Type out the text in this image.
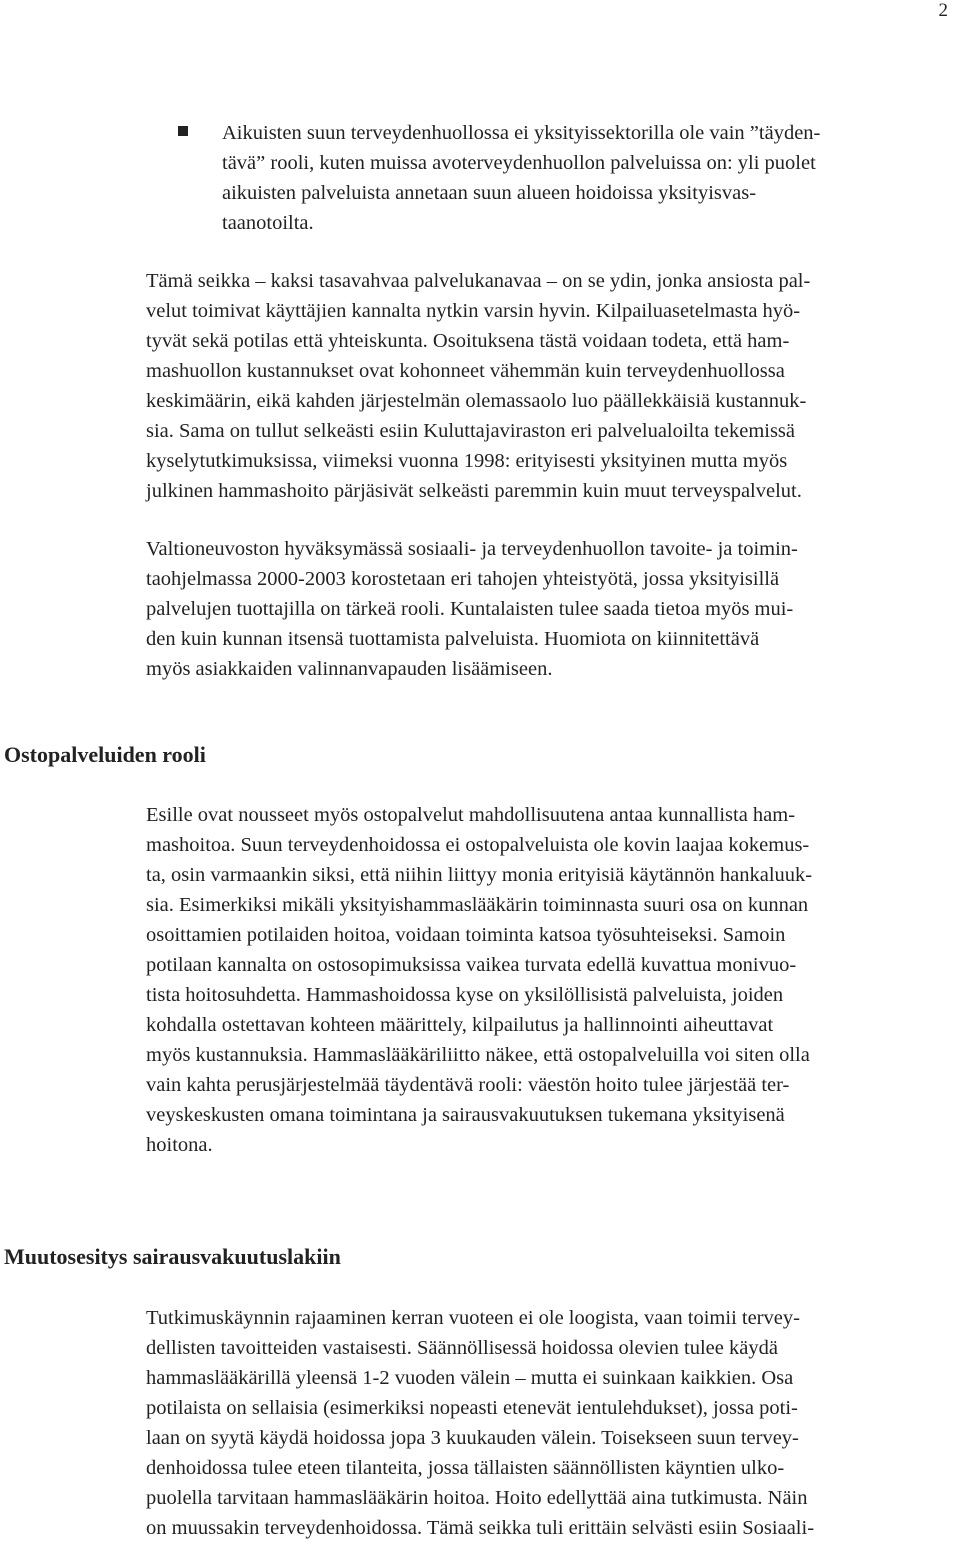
2

Aikuisten suun terveydenhuollossa ei yksityissektorilla ole vain ”täyden-
tävä” rooli, kuten muissa avoterveydenhuollon palveluissa on: yli puolet
aikuisten palveluista annetaan suun alueen hoidoissa yksityisvas-
taanotoilta.

Tämä seikka – kaksi tasavahvaa palvelukanavaa – on se ydin, jonka ansiosta pal-
velut toimivat käyttäjien kannalta nytkin varsin hyvin. Kilpailuasetelmasta hyö-
tyvät sekä potilas että yhteiskunta. Osoituksena tästä voidaan todeta, että ham-
mashuollon kustannukset ovat kohonneet vähemmän kuin terveydenhuollossa
keskimäärin, eikä kahden järjestelmän olemassaolo luo päällekkäisiä kustannuk-
sia. Sama on tullut selkeästi esiin Kuluttajaviraston eri palvelualoilta tekemissä
kyselytutkimuksissa, viimeksi vuonna 1998: erityisesti yksityinen mutta myös
julkinen hammashoito pärjäsivät selkeästi paremmin kuin muut terveyspalvelut.

Valtioneuvoston hyväksymässä sosiaali- ja terveydenhuollon tavoite- ja toimin-
taohjelmassa 2000-2003 korostetaan eri tahojen yhteistyötä, jossa yksityisillä
palvelujen tuottajilla on tärkeä rooli. Kuntalaisten tulee saada tietoa myös mui-
den kuin kunnan itsensä tuottamista palveluista. Huomiota on kiinnitettävä
myös asiakkaiden valinnanvapauden lisäämiseen.

Ostopalveluiden rooli

Esille ovat nousseet myös ostopalvelut mahdollisuutena antaa kunnallista ham-
mashoitoa. Suun terveydenhoidossa ei ostopalveluista ole kovin laajaa kokemus-
ta, osin varmaankin siksi, että niihin liittyy monia erityisiä käytännön hankaluuk-
sia. Esimerkiksi mikäli yksityishammaslääkärin toiminnasta suuri osa on kunnan
osoittamien potilaiden hoitoa, voidaan toiminta katsoa työsuhteiseksi. Samoin
potilaan kannalta on ostosopimuksissa vaikea turvata edellä kuvattua monivuo-
tista hoitosuhdetta. Hammashoidossa kyse on yksilöllisistä palveluista, joiden
kohdalla ostettavan kohteen määrittely, kilpailutus ja hallinnointi aiheuttavat
myös kustannuksia. Hammaslääkäriliitto näkee, että ostopalveluilla voi siten olla
vain kahta perusjärjestelmää täydentävä rooli: väestön hoito tulee järjestää ter-
veyskeskusten omana toimintana ja sairausvakuutuksen tukemana yksityisenä
hoitona.

Muutosesitys sairausvakuutuslakiin

Tutkimuskäynnin rajaaminen kerran vuoteen ei ole loogista, vaan toimii tervey-
dellisten tavoitteiden vastaisesti. Säännöllisessä hoidossa olevien tulee käydä
hammaslääkärillä yleensä 1-2 vuoden välein – mutta ei suinkaan kaikkien. Osa
potilaista on sellaisia (esimerkiksi nopeasti etenevät ientulehdukset), jossa poti-
laan on syytä käydä hoidossa jopa 3 kuukauden välein. Toisekseen suun tervey-
denhoidossa tulee eteen tilanteita, jossa tällaisten säännöllisten käyntien ulko-
puolella tarvitaan hammaslääkärin hoitoa. Hoito edellyttää aina tutkimusta. Näin
on muussakin terveydenhoidossa. Tämä seikka tuli erittäin selvästi esiin Sosiaali-
